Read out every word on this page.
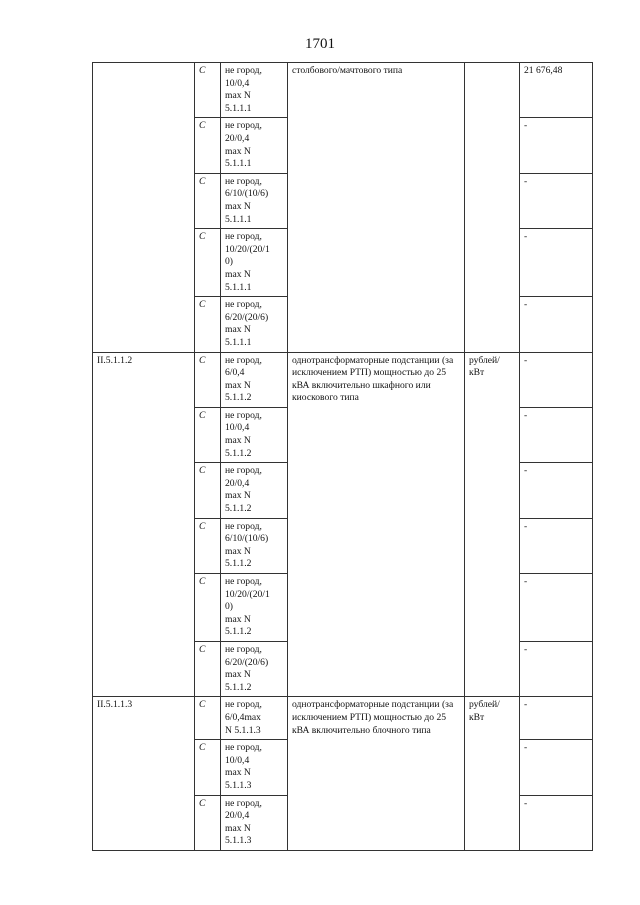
1701
	С	не город,
10/0,4
max N
5.1.1.1	столбового/мачтового типа		21 676,48
	С	не город,
20/0,4
max N
5.1.1.1			-
	С	не город,
6/10/(10/6)
max N
5.1.1.1			-
	С	не город,
10/20/(20/1
0)
max N
5.1.1.1			-
	С	не город,
6/20/(20/6)
max N
5.1.1.1			-
II.5.1.1.2	С	не город,
6/0,4
max N
5.1.1.2	однотрансформаторные подстанции (за исключением РТП) мощностью до 25 кВА включительно шкафного или киоскового типа	рублей/
кВт	-
	С	не город,
10/0,4
max N
5.1.1.2			-
	С	не город,
20/0,4
max N
5.1.1.2			-
	С	не город,
6/10/(10/6)
max N
5.1.1.2			-
	С	не город,
10/20/(20/1
0)
max N
5.1.1.2			-
	С	не город,
6/20/(20/6)
max N
5.1.1.2			-
II.5.1.1.3	С	не город,
6/0,4max
N 5.1.1.3	однотрансформаторные подстанции (за исключением РТП) мощностью до 25 кВА включительно блочного типа	рублей/
кВт	-
	С	не город,
10/0,4
max N
5.1.1.3			-
	С	не город,
20/0,4
max N
5.1.1.3			-
